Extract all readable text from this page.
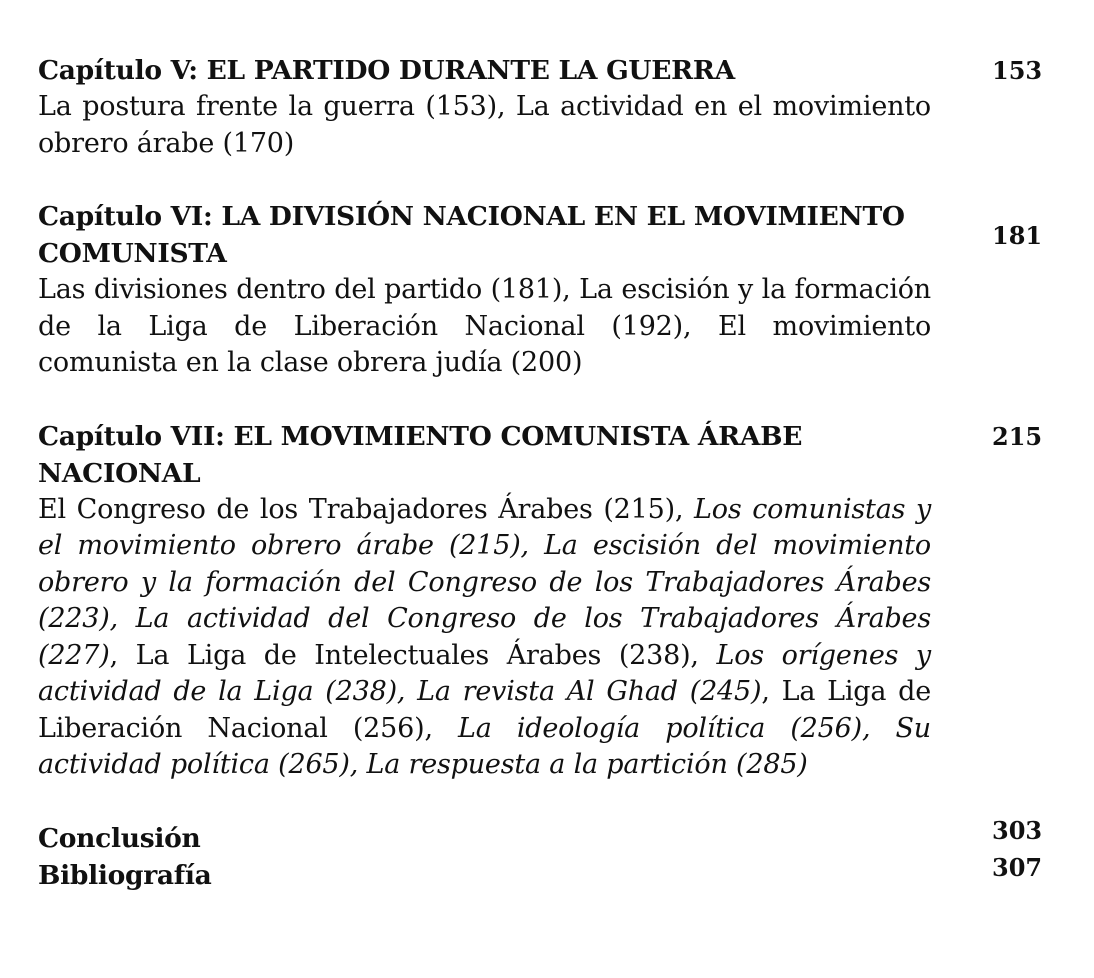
Capítulo V: EL PARTIDO DURANTE LA GUERRA
La postura frente la guerra (153), La actividad en el movimiento obrero árabe (170)
153
Capítulo VI: LA DIVISIÓN NACIONAL EN EL MOVIMIENTO COMUNISTA
Las divisiones dentro del partido (181), La escisión y la formación de la Liga de Liberación Nacional (192), El movimiento comunista en la clase obrera judía (200)
181
Capítulo VII: EL MOVIMIENTO COMUNISTA ÁRABE NACIONAL
El Congreso de los Trabajadores Árabes (215), Los comunistas y el movimiento obrero árabe (215), La escisión del movimiento obrero y la formación del Congreso de los Trabajadores Árabes (223), La actividad del Congreso de los Trabajadores Árabes (227), La Liga de Intelectuales Árabes (238), Los orígenes y actividad de la Liga (238), La revista Al Ghad (245), La Liga de Liberación Nacional (256), La ideología política (256), Su actividad política (265), La respuesta a la partición (285)
215
Conclusión	303
Bibliografía	307
